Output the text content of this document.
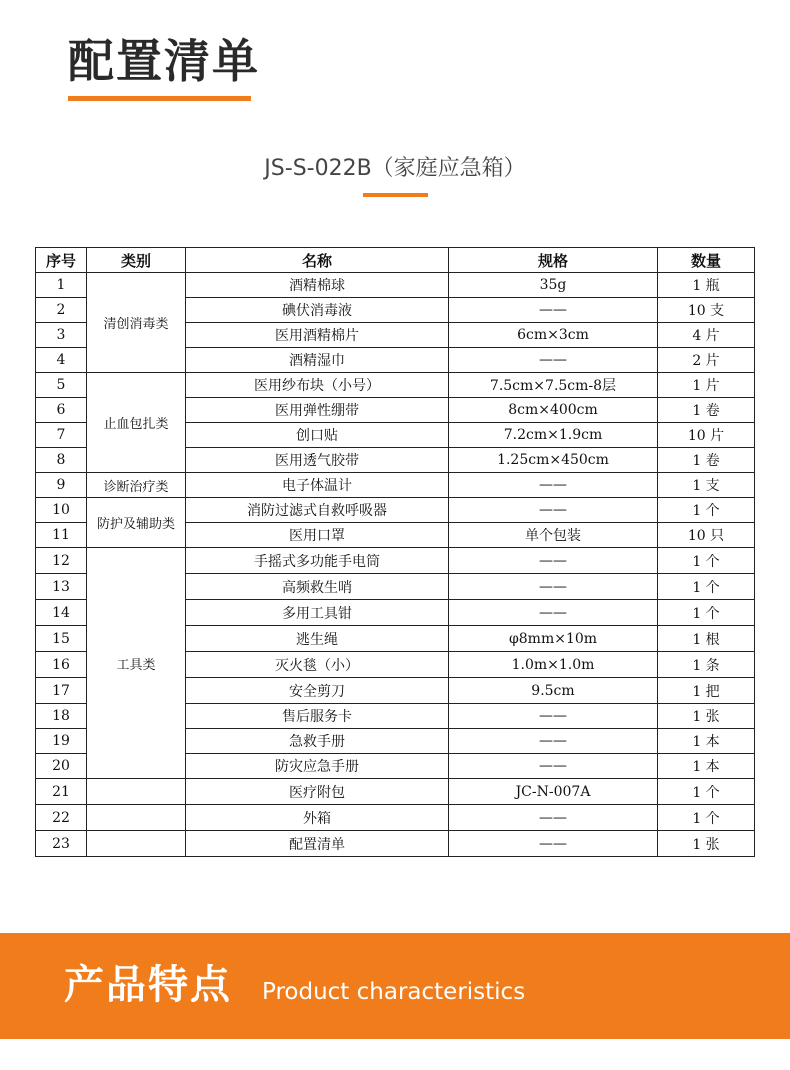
配置清单
JS-S-022B（家庭应急箱）
序号	类别	名称	规格	数量
1	清创消毒类	酒精棉球	35g	1 瓶
2		碘伏消毒液	——	10 支
3		医用酒精棉片	6cm×3cm	4 片
4		酒精湿巾	——	2 片
5	止血包扎类	医用纱布块（小号）	7.5cm×7.5cm-8层	1 片
6		医用弹性绷带	8cm×400cm	1 卷
7		创口贴	7.2cm×1.9cm	10 片
8		医用透气胶带	1.25cm×450cm	1 卷
9	诊断治疗类	电子体温计	——	1 支
10	防护及辅助类	消防过滤式自救呼吸器	——	1 个
11		医用口罩	单个包装	10 只
12	工具类	手摇式多功能手电筒	——	1 个
13		高频救生哨	——	1 个
14		多用工具钳	——	1 个
15		逃生绳	φ8mm×10m	1 根
16		灭火毯（小）	1.0m×1.0m	1 条
17		安全剪刀	9.5cm	1 把
18		售后服务卡	——	1 张
19		急救手册	——	1 本
20		防灾应急手册	——	1 本
21		医疗附包	JC-N-007A	1 个
22		外箱	——	1 个
23		配置清单	——	1 张
产品特点 Product characteristics
